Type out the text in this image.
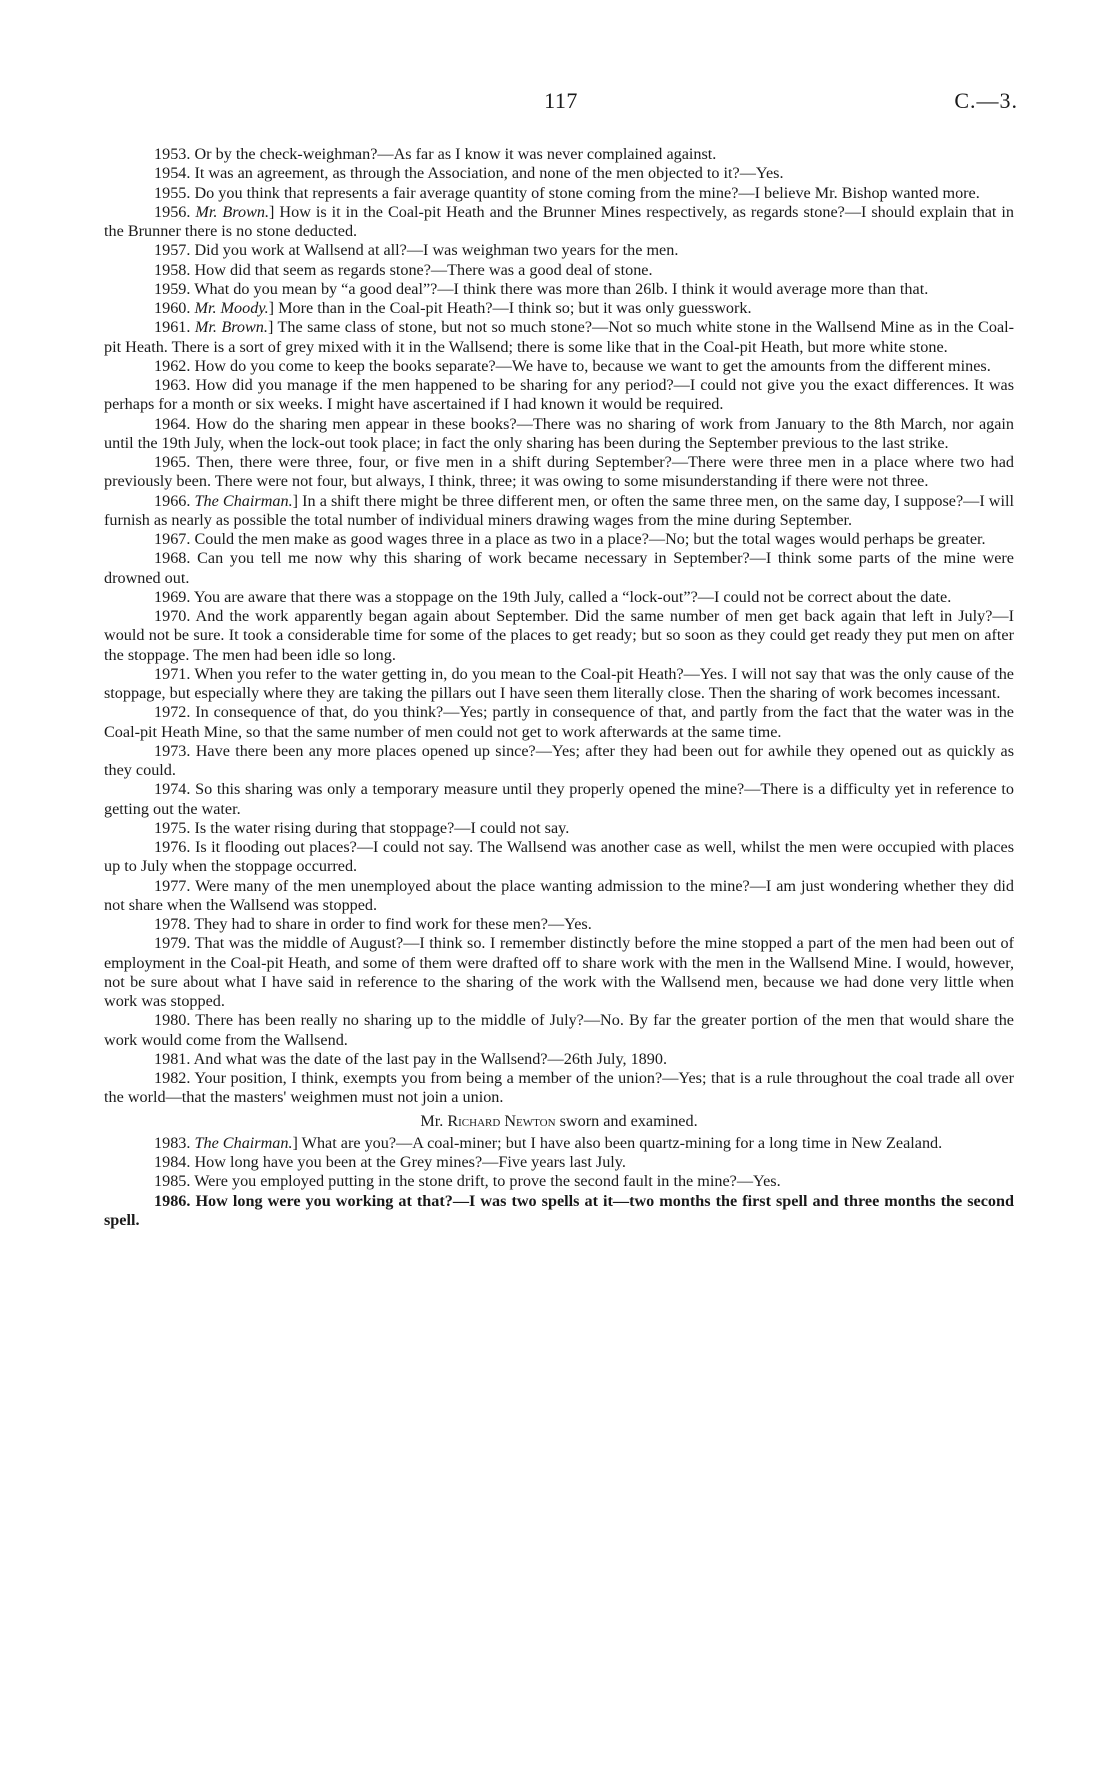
117	C.—3.

1953. Or by the check-weighman?—As far as I know it was never complained against.

1954. It was an agreement, as through the Association, and none of the men objected to it?—Yes.

1955. Do you think that represents a fair average quantity of stone coming from the mine?—I believe Mr. Bishop wanted more.

1956. Mr. Brown.] How is it in the Coal-pit Heath and the Brunner Mines respectively, as regards stone?—I should explain that in the Brunner there is no stone deducted.

1957. Did you work at Wallsend at all?—I was weighman two years for the men.

1958. How did that seem as regards stone?—There was a good deal of stone.

1959. What do you mean by “a good deal”?—I think there was more than 26lb. I think it would average more than that.

1960. Mr. Moody.] More than in the Coal-pit Heath?—I think so; but it was only guesswork.

1961. Mr. Brown.] The same class of stone, but not so much stone?—Not so much white stone in the Wallsend Mine as in the Coal-pit Heath. There is a sort of grey mixed with it in the Wallsend; there is some like that in the Coal-pit Heath, but more white stone.

1962. How do you come to keep the books separate?—We have to, because we want to get the amounts from the different mines.

1963. How did you manage if the men happened to be sharing for any period?—I could not give you the exact differences. It was perhaps for a month or six weeks. I might have ascertained if I had known it would be required.

1964. How do the sharing men appear in these books?—There was no sharing of work from January to the 8th March, nor again until the 19th July, when the lock-out took place; in fact the only sharing has been during the September previous to the last strike.

1965. Then, there were three, four, or five men in a shift during September?—There were three men in a place where two had previously been. There were not four, but always, I think, three; it was owing to some misunderstanding if there were not three.

1966. The Chairman.] In a shift there might be three different men, or often the same three men, on the same day, I suppose?—I will furnish as nearly as possible the total number of individual miners drawing wages from the mine during September.

1967. Could the men make as good wages three in a place as two in a place?—No; but the total wages would perhaps be greater.

1968. Can you tell me now why this sharing of work became necessary in September?—I think some parts of the mine were drowned out.

1969. You are aware that there was a stoppage on the 19th July, called a “lock-out”?—I could not be correct about the date.

1970. And the work apparently began again about September. Did the same number of men get back again that left in July?—I would not be sure. It took a considerable time for some of the places to get ready; but so soon as they could get ready they put men on after the stoppage. The men had been idle so long.

1971. When you refer to the water getting in, do you mean to the Coal-pit Heath?—Yes. I will not say that was the only cause of the stoppage, but especially where they are taking the pillars out I have seen them literally close. Then the sharing of work becomes incessant.

1972. In consequence of that, do you think?—Yes; partly in consequence of that, and partly from the fact that the water was in the Coal-pit Heath Mine, so that the same number of men could not get to work afterwards at the same time.

1973. Have there been any more places opened up since?—Yes; after they had been out for awhile they opened out as quickly as they could.

1974. So this sharing was only a temporary measure until they properly opened the mine?—There is a difficulty yet in reference to getting out the water.

1975. Is the water rising during that stoppage?—I could not say.

1976. Is it flooding out places?—I could not say. The Wallsend was another case as well, whilst the men were occupied with places up to July when the stoppage occurred.

1977. Were many of the men unemployed about the place wanting admission to the mine?—I am just wondering whether they did not share when the Wallsend was stopped.

1978. They had to share in order to find work for these men?—Yes.

1979. That was the middle of August?—I think so. I remember distinctly before the mine stopped a part of the men had been out of employment in the Coal-pit Heath, and some of them were drafted off to share work with the men in the Wallsend Mine. I would, however, not be sure about what I have said in reference to the sharing of the work with the Wallsend men, because we had done very little when work was stopped.

1980. There has been really no sharing up to the middle of July?—No. By far the greater portion of the men that would share the work would come from the Wallsend.

1981. And what was the date of the last pay in the Wallsend?—26th July, 1890.

1982. Your position, I think, exempts you from being a member of the union?—Yes; that is a rule throughout the coal trade all over the world—that the masters' weighmen must not join a union.

Mr. Richard Newton sworn and examined.

1983. The Chairman.] What are you?—A coal-miner; but I have also been quartz-mining for a long time in New Zealand.

1984. How long have you been at the Grey mines?—Five years last July.

1985. Were you employed putting in the stone drift, to prove the second fault in the mine?—Yes.

1986. How long were you working at that?—I was two spells at it—two months the first spell and three months the second spell.
